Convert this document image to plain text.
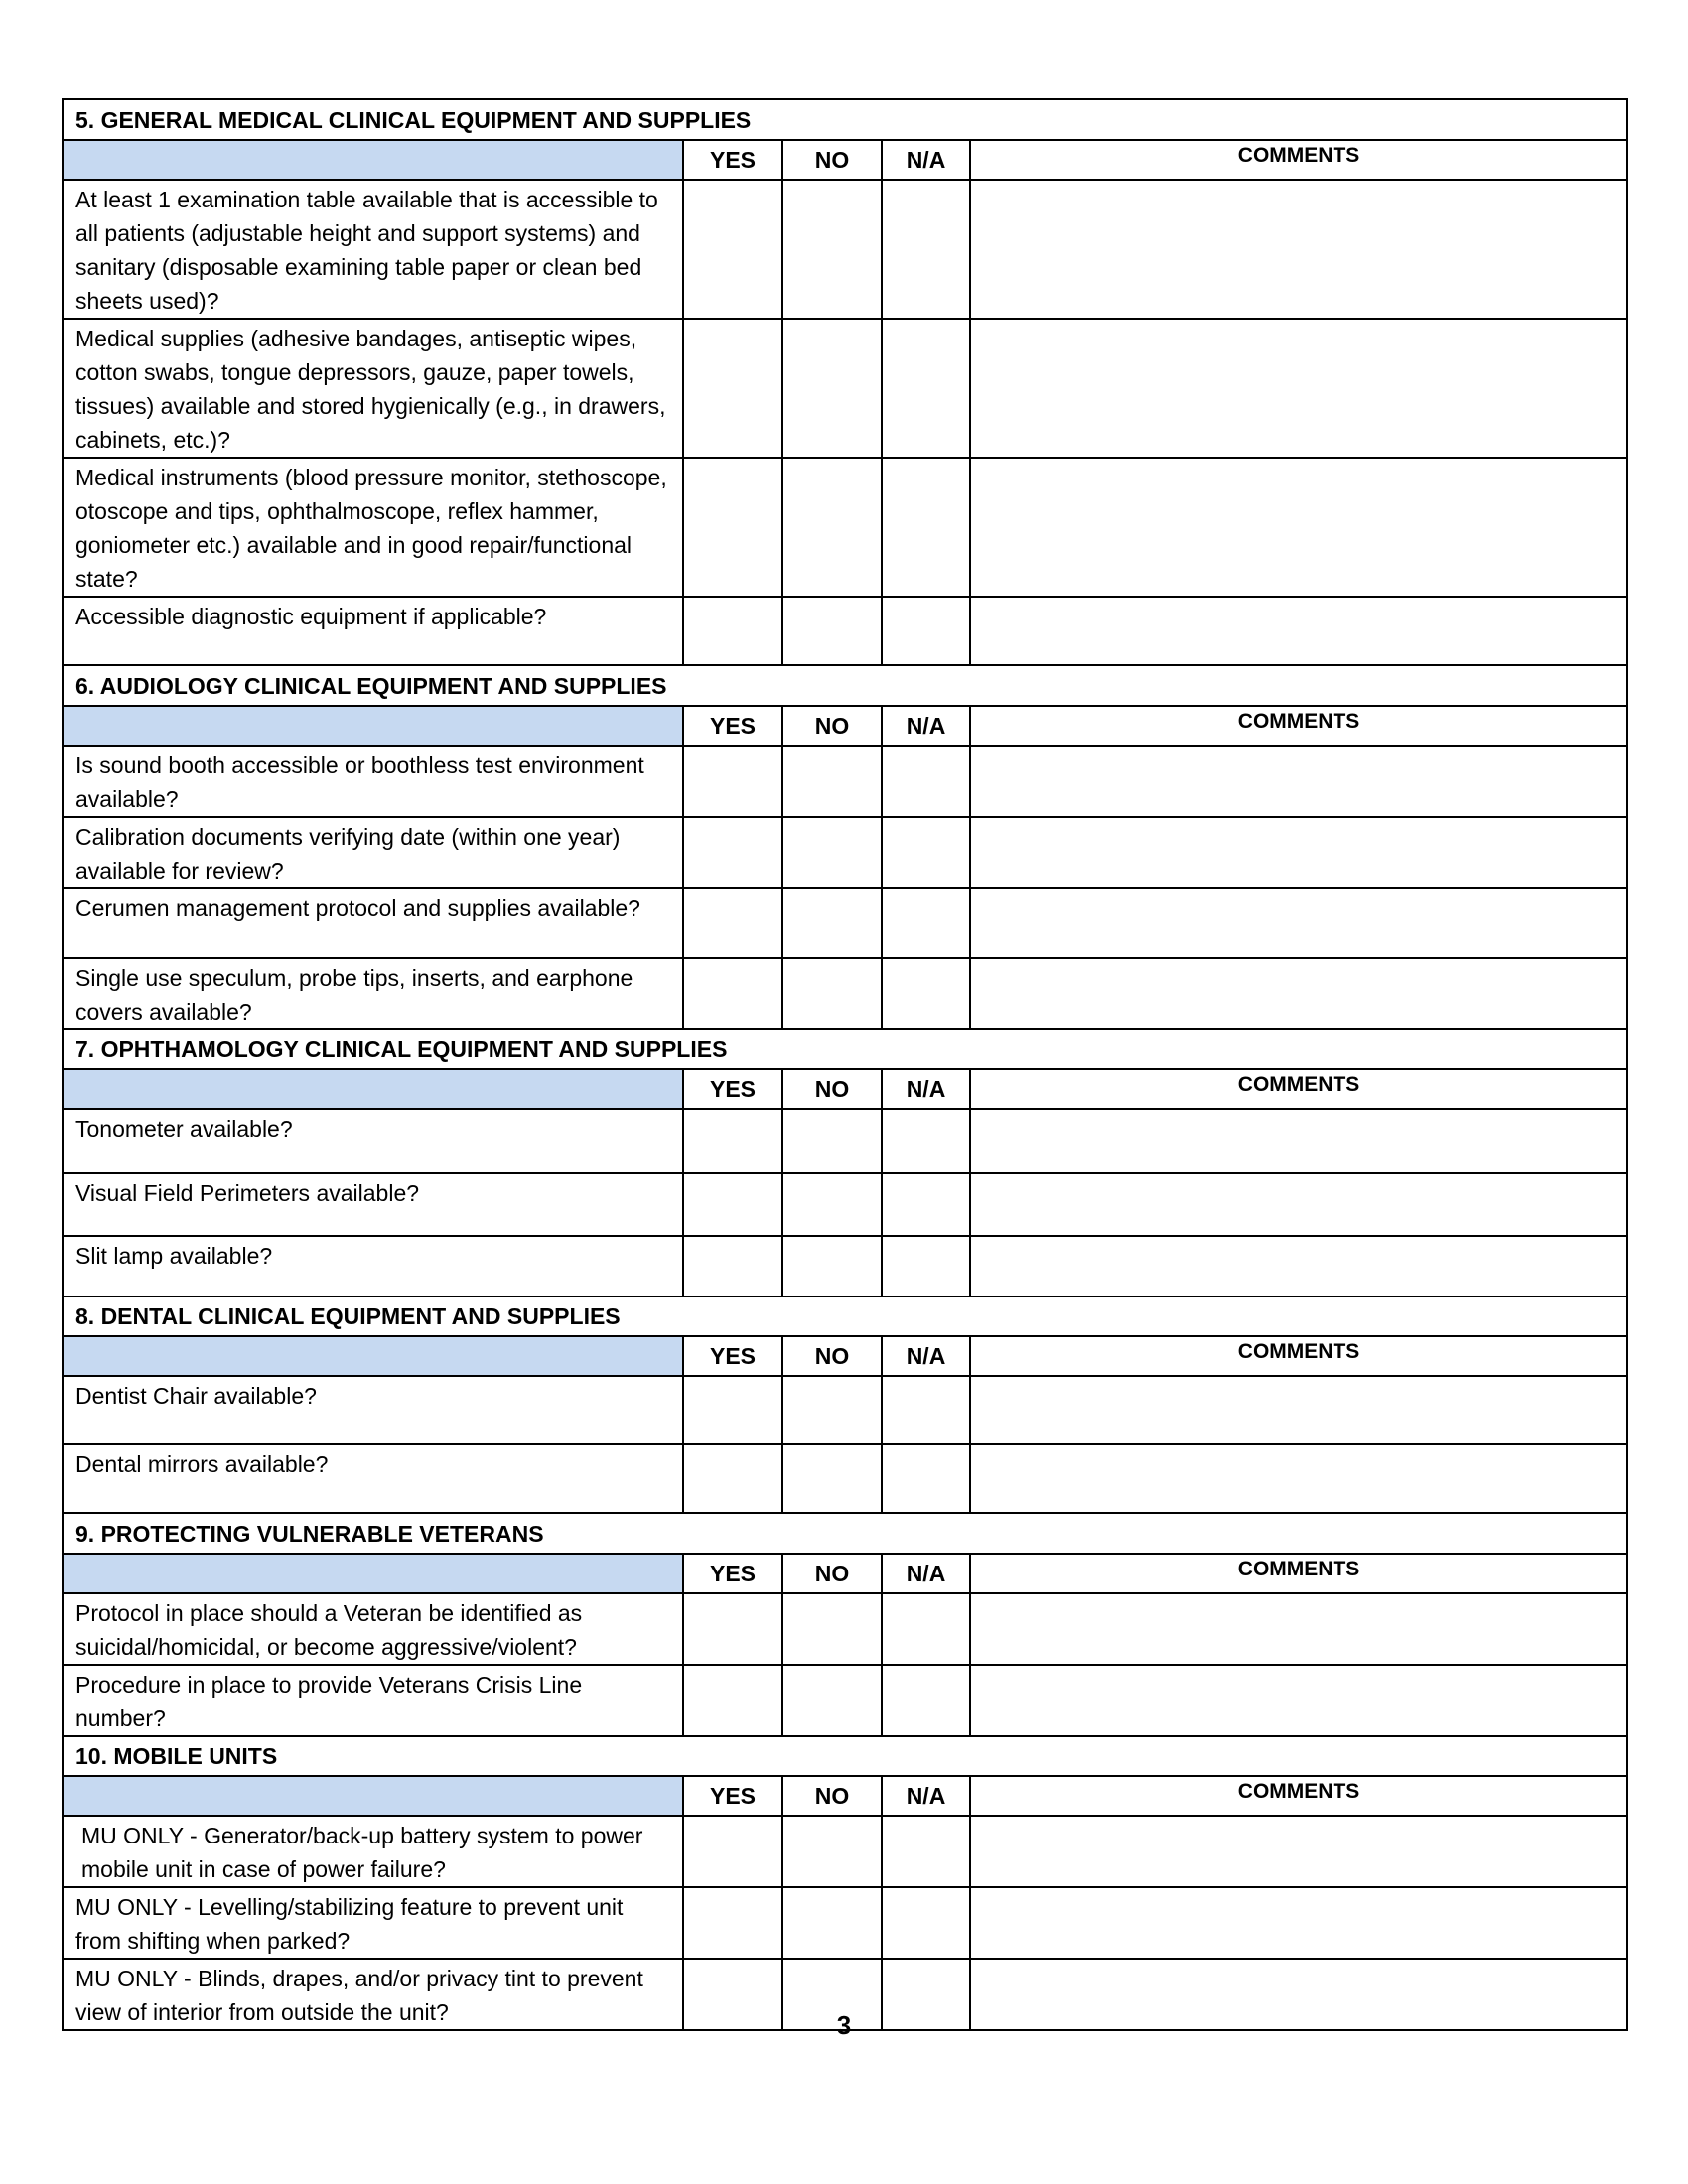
5. GENERAL MEDICAL CLINICAL EQUIPMENT AND SUPPLIES				
	YES	NO	N/A	COMMENTS
At least 1 examination table available that is accessible to all patients (adjustable height and support systems) and sanitary (disposable examining table paper or clean bed sheets used)?				
Medical supplies (adhesive bandages, antiseptic wipes, cotton swabs, tongue depressors, gauze, paper towels, tissues) available and stored hygienically (e.g., in drawers, cabinets, etc.)?				
Medical instruments (blood pressure monitor, stethoscope, otoscope and tips, ophthalmoscope, reflex hammer, goniometer etc.) available and in good repair/functional state?				
Accessible diagnostic equipment if applicable?				
6. AUDIOLOGY CLINICAL EQUIPMENT AND SUPPLIES				
	YES	NO	N/A	COMMENTS
Is sound booth accessible or boothless test environment available?				
Calibration documents verifying date (within one year) available for review?				
Cerumen management protocol and supplies available?				
Single use speculum, probe tips, inserts, and earphone covers available?				
7. OPHTHAMOLOGY CLINICAL EQUIPMENT AND SUPPLIES				
	YES	NO	N/A	COMMENTS
Tonometer available?				
Visual Field Perimeters available?				
Slit lamp available?				
8. DENTAL CLINICAL EQUIPMENT AND SUPPLIES				
	YES	NO	N/A	COMMENTS
Dentist Chair available?				
Dental mirrors available?				
9. PROTECTING VULNERABLE VETERANS				
	YES	NO	N/A	COMMENTS
Protocol in place should a Veteran be identified as suicidal/homicidal, or become aggressive/violent?				
Procedure in place to provide Veterans Crisis Line number?				
10. MOBILE UNITS				
	YES	NO	N/A	COMMENTS
MU ONLY - Generator/back-up battery system to power mobile unit in case of power failure?				
MU ONLY - Levelling/stabilizing feature to prevent unit from shifting when parked?				
MU ONLY - Blinds, drapes, and/or privacy tint to prevent view of interior from outside the unit?					3
